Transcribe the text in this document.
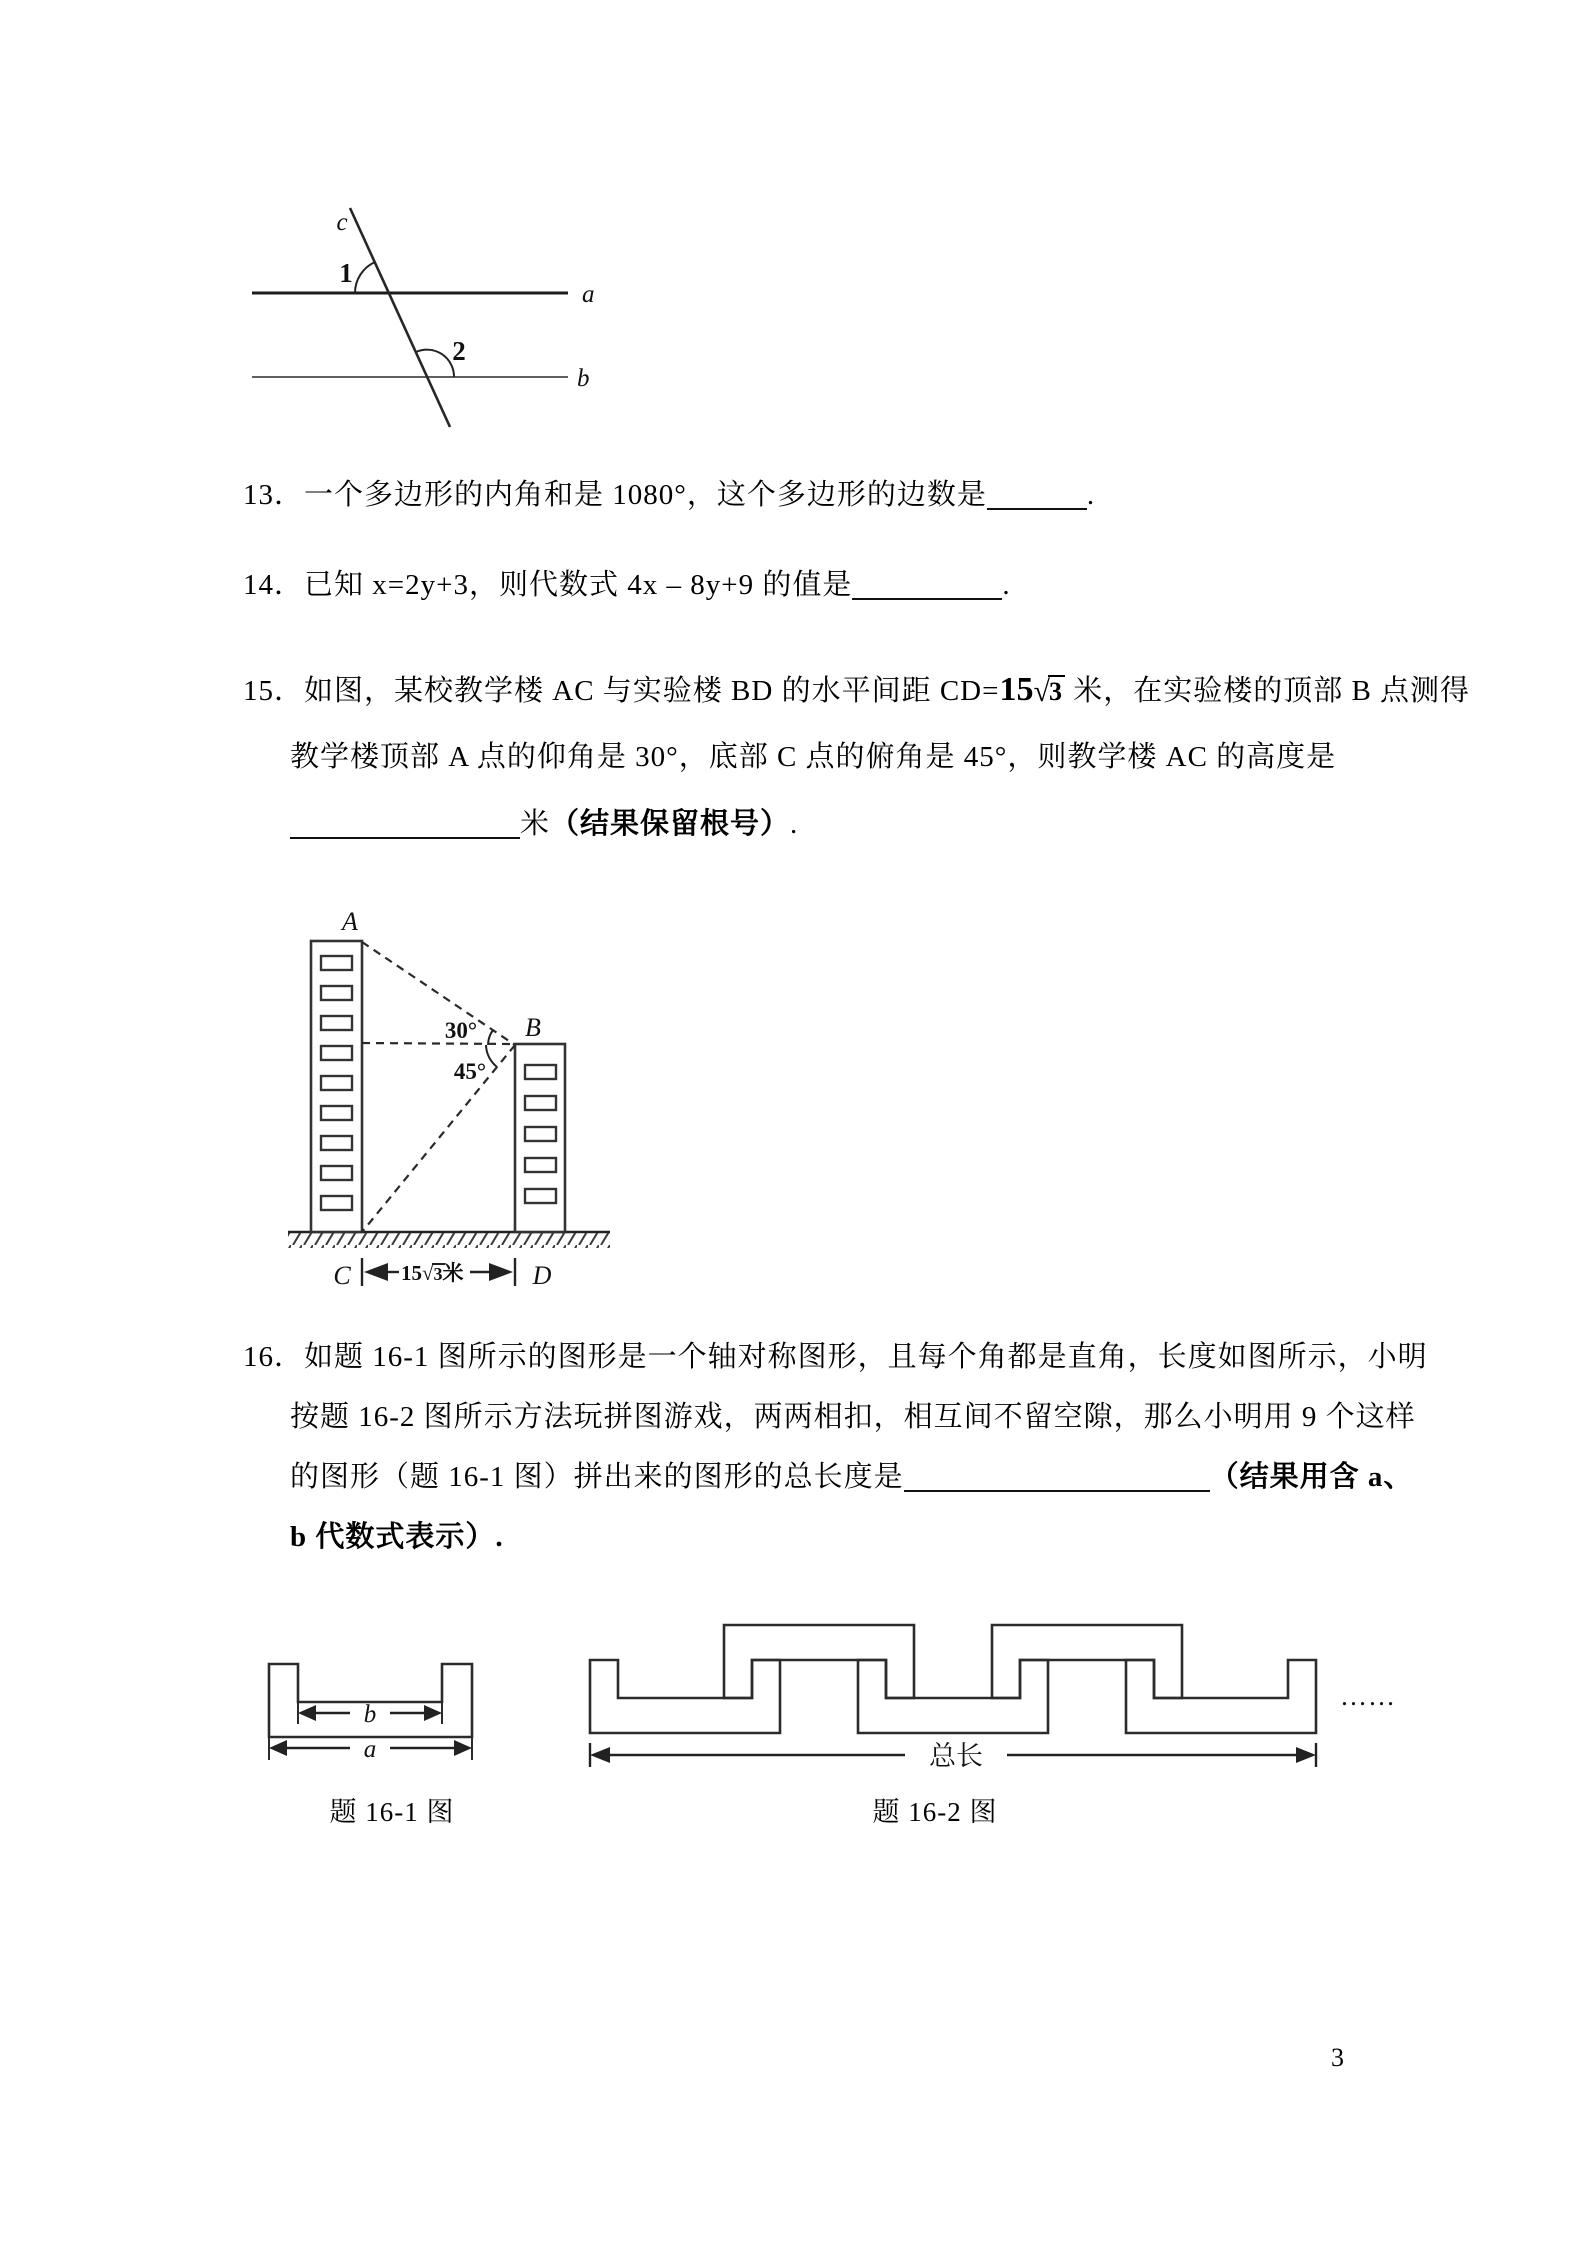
c
a
b
1
2
13．一个多边形的内角和是 1080°，这个多边形的边数是	.
14．已知 x=2y+3，则代数式 4x – 8y+9 的值是	.
15．如图，某校教学楼 AC 与实验楼 BD 的水平间距 CD=15√3 米，在实验楼的顶部 B 点测得
教学楼顶部 A 点的仰角是 30°，底部 C 点的俯角是 45°，则教学楼 AC 的高度是
米（结果保留根号）.
A
B
C	D
30°
45°
15√3米
16．如题 16-1 图所示的图形是一个轴对称图形，且每个角都是直角，长度如图所示，小明
按题 16-2 图所示方法玩拼图游戏，两两相扣，相互间不留空隙，那么小明用 9 个这样
的图形（题 16-1 图）拼出来的图形的总长度是	（结果用含 a、
b 代数式表示）.
b
a
题 16-1 图
……
总长
题 16-2 图
3
